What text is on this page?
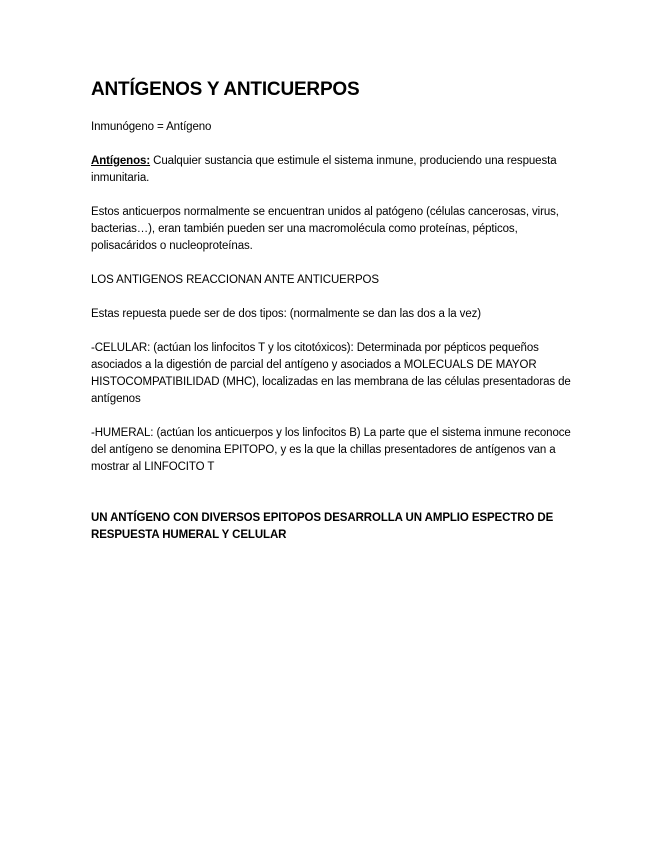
ANTÍGENOS Y ANTICUERPOS

Inmunógeno = Antígeno

Antígenos: Cualquier sustancia que estimule el sistema inmune, produciendo una respuesta inmunitaria.

Estos anticuerpos normalmente se encuentran unidos al patógeno (células cancerosas, virus, bacterias…), eran también pueden ser una macromolécula como proteínas, pépticos, polisacáridos o nucleoproteínas.

LOS ANTIGENOS REACCIONAN ANTE ANTICUERPOS

Estas repuesta puede ser de dos tipos: (normalmente se dan las dos a la vez)

-CELULAR: (actúan los linfocitos T y los citotóxicos): Determinada por pépticos pequeños asociados a la digestión de parcial del antígeno y asociados a MOLECUALS DE MAYOR HISTOCOMPATIBILIDAD (MHC), localizadas en las membrana de las células presentadoras de antígenos

-HUMERAL: (actúan los anticuerpos y los linfocitos B) La parte que el sistema inmune reconoce del antígeno se denomina EPITOPO, y es la que la chillas presentadores de antígenos van a mostrar al LINFOCITO T

UN ANTÍGENO CON DIVERSOS EPITOPOS DESARROLLA UN AMPLIO ESPECTRO DE RESPUESTA HUMERAL Y CELULAR
